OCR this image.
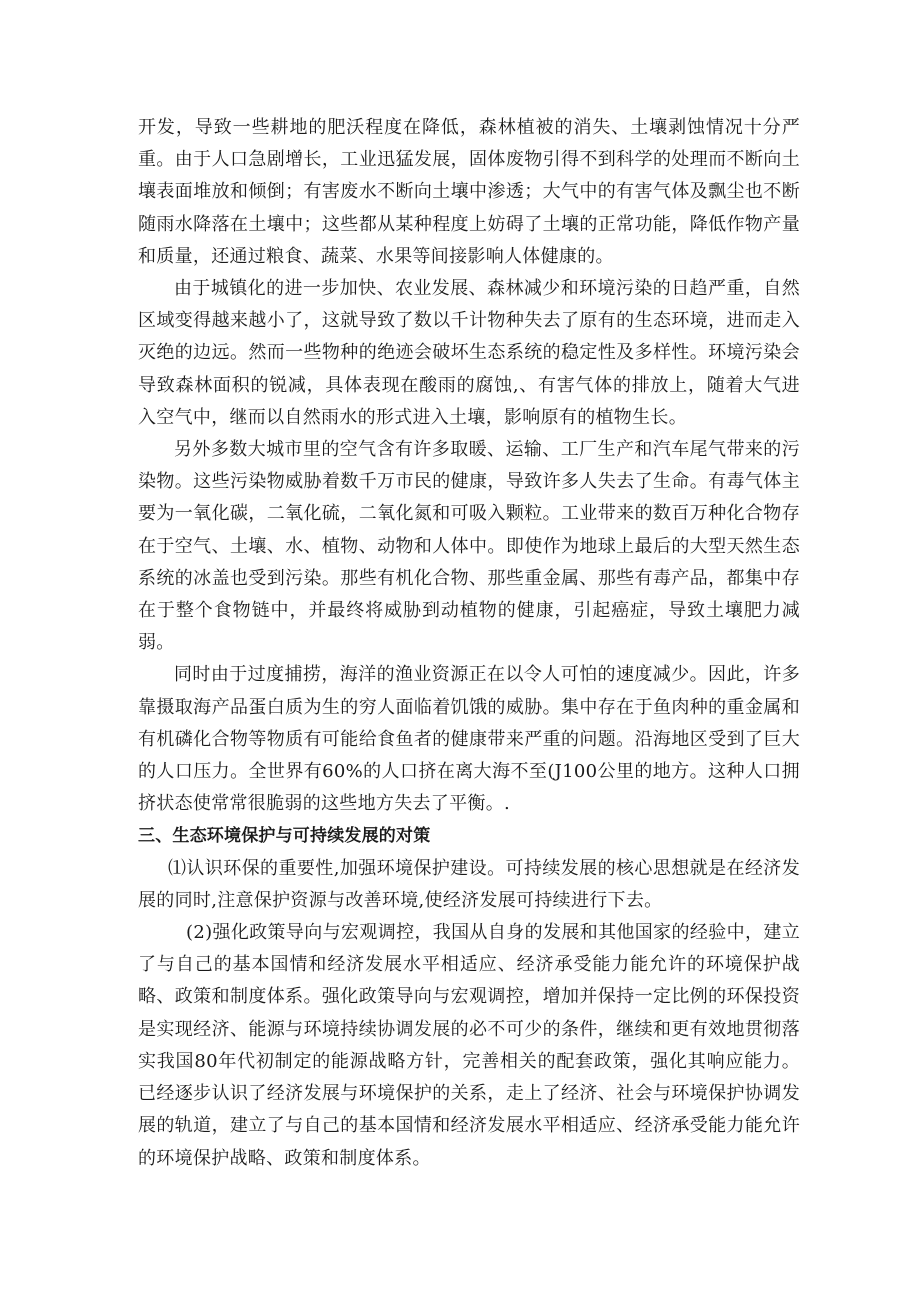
开发，导致一些耕地的肥沃程度在降低，森林植被的消失、土壤剥蚀情况十分严重。由于人口急剧增长，工业迅猛发展，固体废物引得不到科学的处理而不断向土壤表面堆放和倾倒；有害废水不断向土壤中渗透；大气中的有害气体及飘尘也不断随雨水降落在土壤中；这些都从某种程度上妨碍了土壤的正常功能，降低作物产量和质量，还通过粮食、蔬菜、水果等间接影响人体健康的。

由于城镇化的进一步加快、农业发展、森林减少和环境污染的日趋严重，自然区域变得越来越小了，这就导致了数以千计物种失去了原有的生态环境，进而走入灭绝的边远。然而一些物种的绝迹会破坏生态系统的稳定性及多样性。环境污染会导致森林面积的锐减，具体表现在酸雨的腐蚀,、有害气体的排放上，随着大气进入空气中，继而以自然雨水的形式进入土壤，影响原有的植物生长。

另外多数大城市里的空气含有许多取暖、运输、工厂生产和汽车尾气带来的污染物。这些污染物威胁着数千万市民的健康，导致许多人失去了生命。有毒气体主要为一氧化碳，二氧化硫，二氧化氮和可吸入颗粒。工业带来的数百万种化合物存在于空气、土壤、水、植物、动物和人体中。即使作为地球上最后的大型天然生态系统的冰盖也受到污染。那些有机化合物、那些重金属、那些有毒产品，都集中存在于整个食物链中，并最终将威胁到动植物的健康，引起癌症，导致土壤肥力减弱。

同时由于过度捕捞，海洋的渔业资源正在以令人可怕的速度减少。因此，许多靠摄取海产品蛋白质为生的穷人面临着饥饿的威胁。集中存在于鱼肉种的重金属和有机磷化合物等物质有可能给食鱼者的健康带来严重的问题。沿海地区受到了巨大的人口压力。全世界有60%的人口挤在离大海不至(J100公里的地方。这种人口拥挤状态使常常很脆弱的这些地方失去了平衡。.

三、生态环境保护与可持续发展的对策

⑴认识环保的重要性,加强环境保护建设。可持续发展的核心思想就是在经济发展的同时,注意保护资源与改善环境,使经济发展可持续进行下去。

(2)强化政策导向与宏观调控，我国从自身的发展和其他国家的经验中，建立了与自己的基本国情和经济发展水平相适应、经济承受能力能允许的环境保护战略、政策和制度体系。强化政策导向与宏观调控，增加并保持一定比例的环保投资是实现经济、能源与环境持续协调发展的必不可少的条件，继续和更有效地贯彻落实我国80年代初制定的能源战略方针，完善相关的配套政策，强化其响应能力。已经逐步认识了经济发展与环境保护的关系，走上了经济、社会与环境保护协调发展的轨道，建立了与自己的基本国情和经济发展水平相适应、经济承受能力能允许的环境保护战略、政策和制度体系。
